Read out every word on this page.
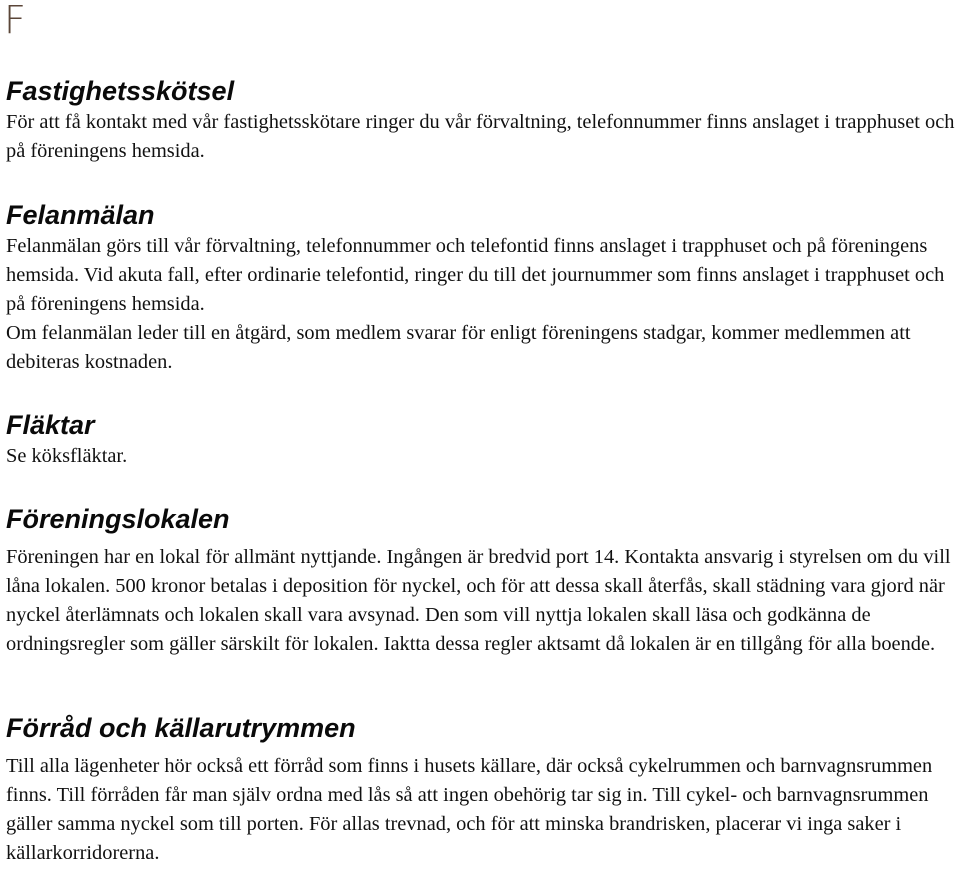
F
Fastighetsskötsel

För att få kontakt med vår fastighetsskötare ringer du vår förvaltning, telefonnummer finns anslaget i trapphuset och på föreningens hemsida.

Felanmälan

Felanmälan görs till vår förvaltning, telefonnummer och telefontid finns anslaget i trapphuset och på föreningens hemsida. Vid akuta fall, efter ordinarie telefontid, ringer du till det journummer som finns anslaget i trapphuset och på föreningens hemsida.

Om felanmälan leder till en åtgärd, som medlem svarar för enligt föreningens stadgar, kommer medlemmen att debiteras kostnaden.

Fläktar

Se köksfläktar.

Föreningslokalen

Föreningen har en lokal för allmänt nyttjande. Ingången är bredvid port 14. Kontakta ansvarig i styrelsen om du vill låna lokalen. 500 kronor betalas i deposition för nyckel, och för att dessa skall återfås, skall städning vara gjord när nyckel återlämnats och lokalen skall vara avsynad. Den som vill nyttja lokalen skall läsa och godkänna de ordningsregler som gäller särskilt för lokalen. Iaktta dessa regler aktsamt då lokalen är en tillgång för alla boende.

Förråd och källarutrymmen

Till alla lägenheter hör också ett förråd som finns i husets källare, där också cykelrummen och barnvagnsrummen finns. Till förråden får man själv ordna med lås så att ingen obehörig tar sig in. Till cykel- och barnvagnsrummen gäller samma nyckel som till porten. För allas trevnad, och för att minska brandrisken, placerar vi inga saker i källarkorridorerna.
